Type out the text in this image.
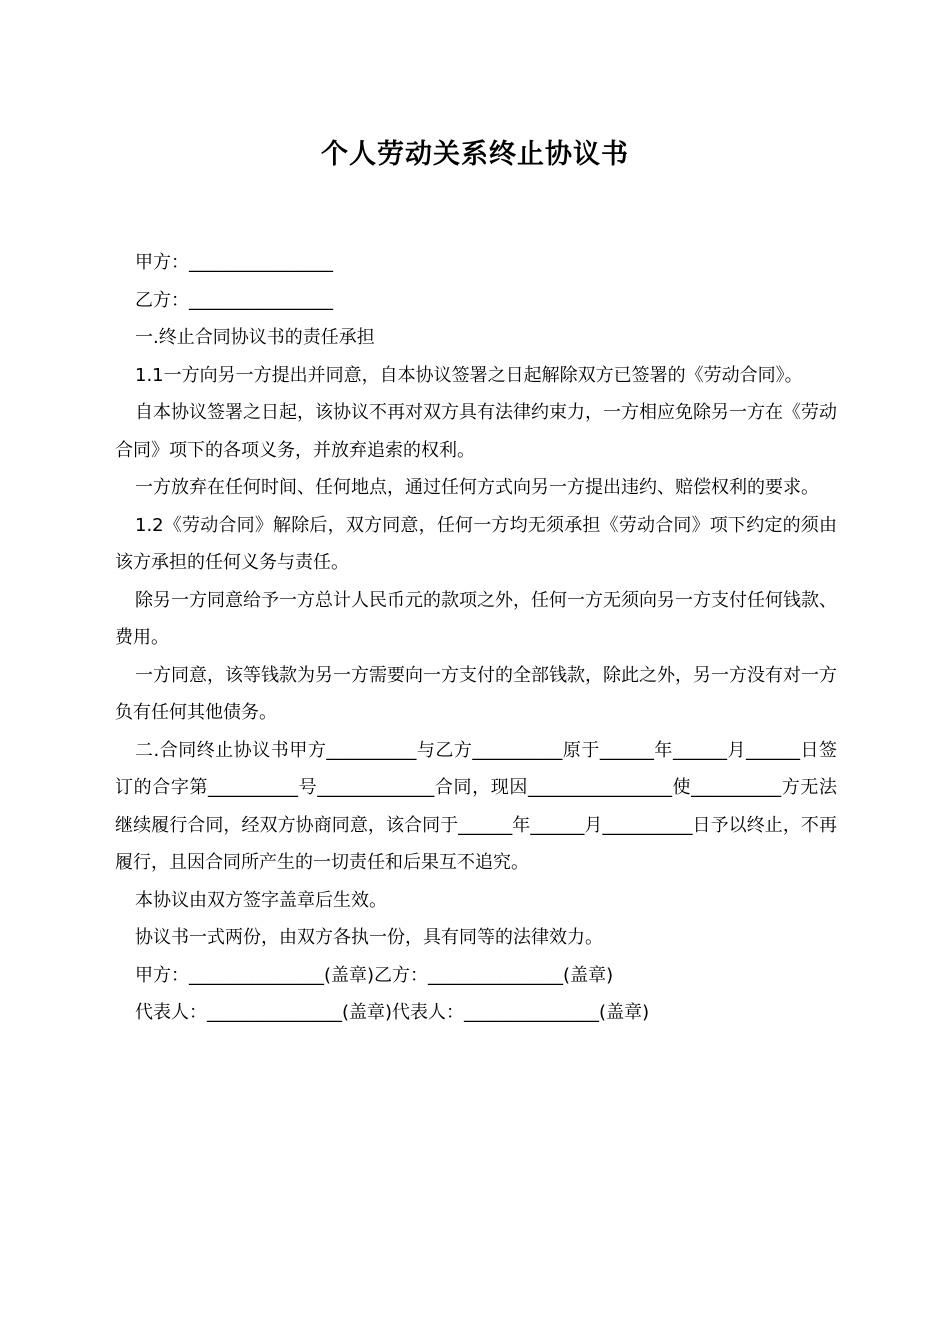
个人劳动关系终止协议书

甲方：________________

乙方：________________

一.终止合同协议书的责任承担

1.1一方向另一方提出并同意，自本协议签署之日起解除双方已签署的《劳动合同》。

自本协议签署之日起，该协议不再对双方具有法律约束力，一方相应免除另一方在《劳动合同》项下的各项义务，并放弃追索的权利。

一方放弃在任何时间、任何地点，通过任何方式向另一方提出违约、赔偿权利的要求。

1.2《劳动合同》解除后，双方同意，任何一方均无须承担《劳动合同》项下约定的须由该方承担的任何义务与责任。

除另一方同意给予一方总计人民币元的款项之外，任何一方无须向另一方支付任何钱款、费用。

一方同意，该等钱款为另一方需要向一方支付的全部钱款，除此之外，另一方没有对一方负有任何其他债务。

二.合同终止协议书甲方__________与乙方__________原于______年______月______日签订的合字第__________号_____________合同，现因________________使__________方无法继续履行合同，经双方协商同意，该合同于______年______月__________日予以终止，不再履行，且因合同所产生的一切责任和后果互不追究。

本协议由双方签字盖章后生效。

协议书一式两份，由双方各执一份，具有同等的法律效力。

甲方：_______________(盖章)乙方：_______________(盖章)

代表人：_______________(盖章)代表人：_______________(盖章)
